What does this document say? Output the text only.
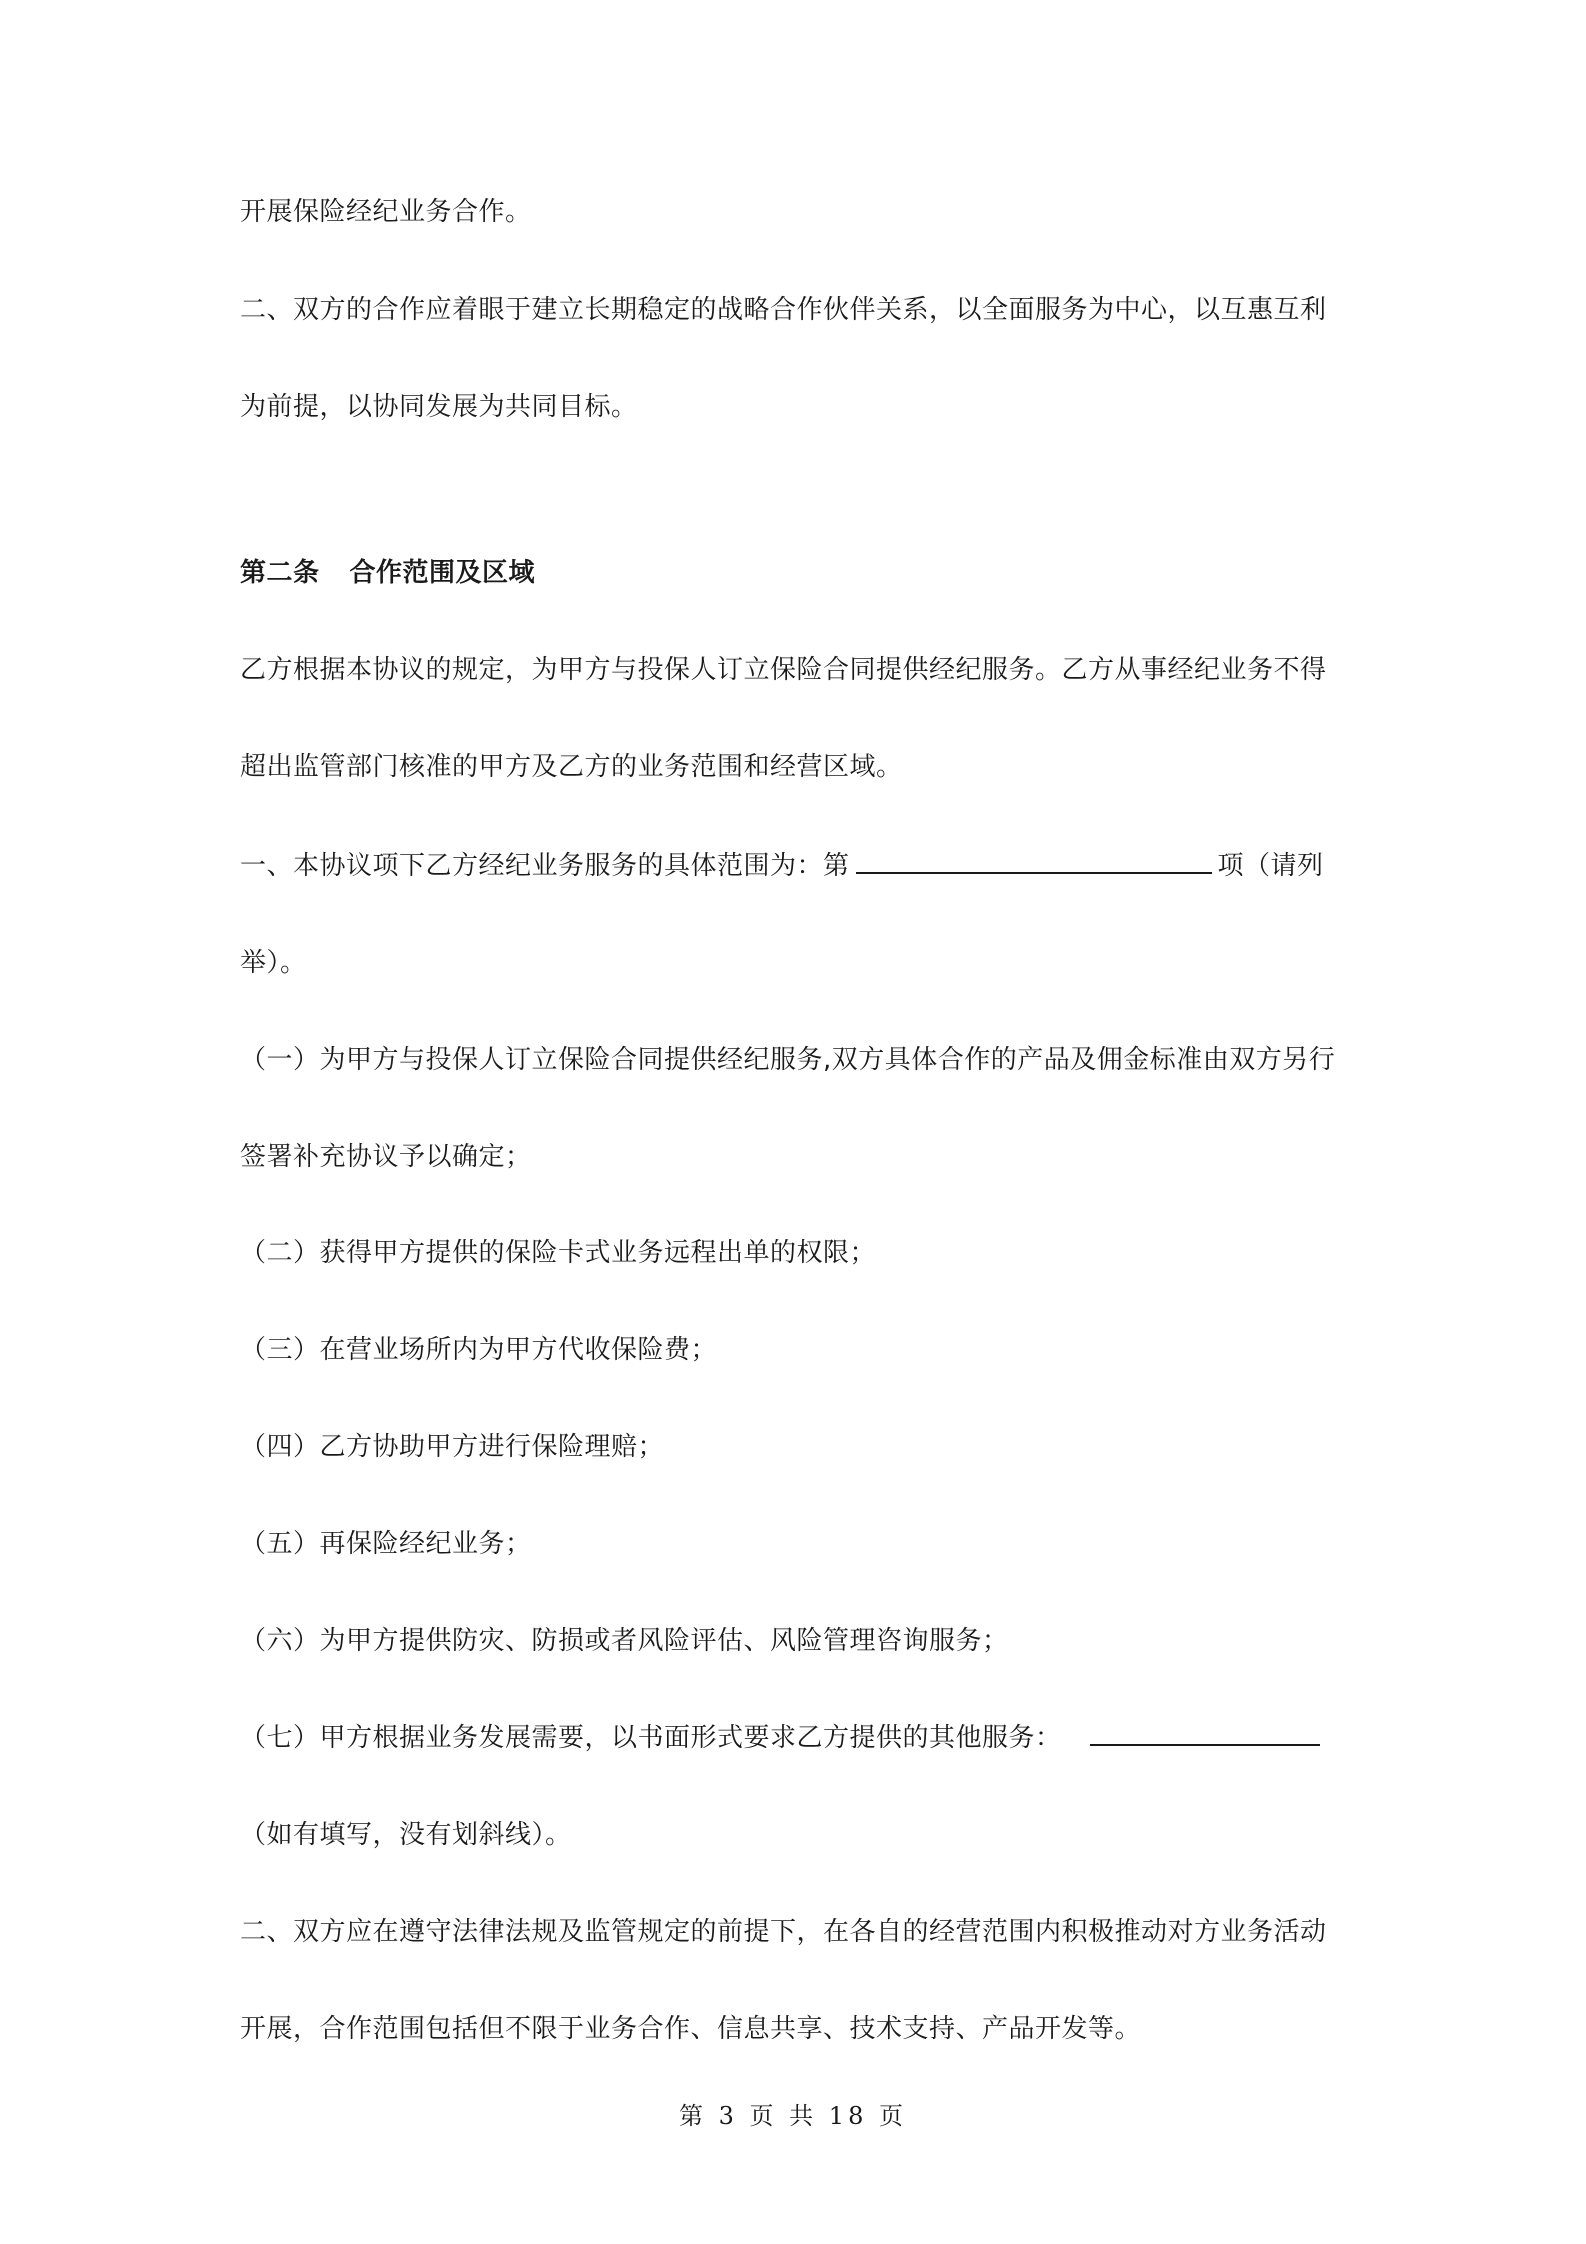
开展保险经纪业务合作。
二、双方的合作应着眼于建立长期稳定的战略合作伙伴关系，以全面服务为中心，以互惠互利
为前提，以协同发展为共同目标。
第二条 合作范围及区域
乙方根据本协议的规定，为甲方与投保人订立保险合同提供经纪服务。乙方从事经纪业务不得
超出监管部门核准的甲方及乙方的业务范围和经营区域。
一、本协议项下乙方经纪业务服务的具体范围为：第	项（请列
举）。
（一）为甲方与投保人订立保险合同提供经纪服务,双方具体合作的产品及佣金标准由双方另行
签署补充协议予以确定；
（二）获得甲方提供的保险卡式业务远程出单的权限；
（三）在营业场所内为甲方代收保险费；
（四）乙方协助甲方进行保险理赔；
（五）再保险经纪业务；
（六）为甲方提供防灾、防损或者风险评估、风险管理咨询服务；
（七）甲方根据业务发展需要，以书面形式要求乙方提供的其他服务：
（如有填写，没有划斜线）。
二、双方应在遵守法律法规及监管规定的前提下，在各自的经营范围内积极推动对方业务活动
开展，合作范围包括但不限于业务合作、信息共享、技术支持、产品开发等。
第 3 页 共 18 页
